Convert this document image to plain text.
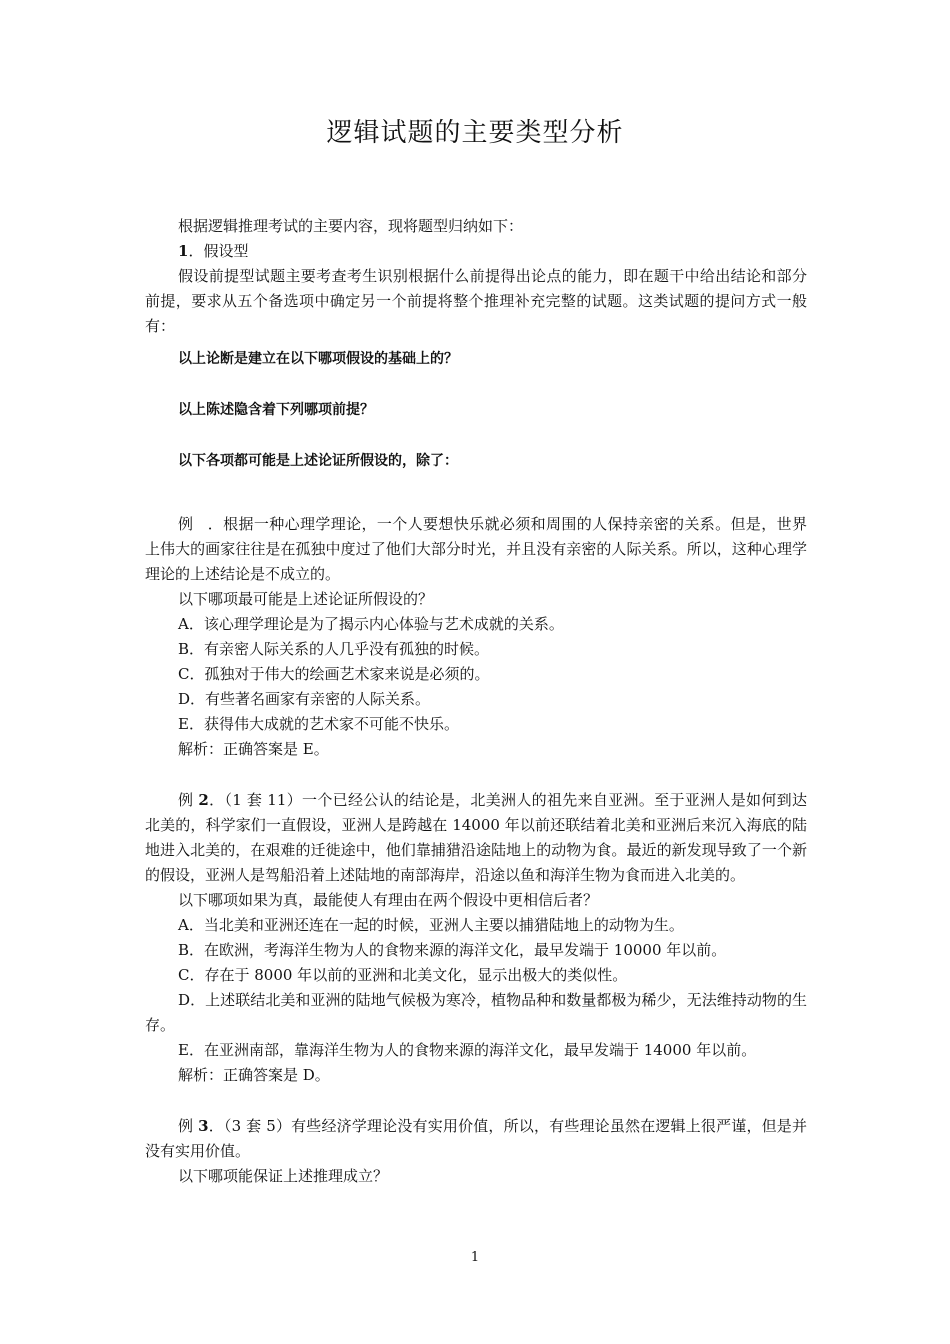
逻辑试题的主要类型分析

根据逻辑推理考试的主要内容，现将题型归纳如下：

1．假设型

假设前提型试题主要考查考生识别根据什么前提得出论点的能力，即在题干中给出结论和部分前提，要求从五个备选项中确定另一个前提将整个推理补充完整的试题。这类试题的提问方式一般有：

以上论断是建立在以下哪项假设的基础上的？

以上陈述隐含着下列哪项前提？

以下各项都可能是上述论证所假设的，除了：

例 ．根据一种心理学理论，一个人要想快乐就必须和周围的人保持亲密的关系。但是，世界上伟大的画家往往是在孤独中度过了他们大部分时光，并且没有亲密的人际关系。所以，这种心理学理论的上述结论是不成立的。

以下哪项最可能是上述论证所假设的？

A．该心理学理论是为了揭示内心体验与艺术成就的关系。

B．有亲密人际关系的人几乎没有孤独的时候。

C．孤独对于伟大的绘画艺术家来说是必须的。

D．有些著名画家有亲密的人际关系。

E．获得伟大成就的艺术家不可能不快乐。

解析：正确答案是 E。

例 2．（1 套 11）一个已经公认的结论是，北美洲人的祖先来自亚洲。至于亚洲人是如何到达北美的，科学家们一直假设，亚洲人是跨越在 14000 年以前还联结着北美和亚洲后来沉入海底的陆地进入北美的，在艰难的迁徙途中，他们靠捕猎沿途陆地上的动物为食。最近的新发现导致了一个新的假设，亚洲人是驾船沿着上述陆地的南部海岸，沿途以鱼和海洋生物为食而进入北美的。

以下哪项如果为真，最能使人有理由在两个假设中更相信后者？

A．当北美和亚洲还连在一起的时候，亚洲人主要以捕猎陆地上的动物为生。

B．在欧洲，考海洋生物为人的食物来源的海洋文化，最早发端于 10000 年以前。

C．存在于 8000 年以前的亚洲和北美文化，显示出极大的类似性。

D．上述联结北美和亚洲的陆地气候极为寒冷，植物品种和数量都极为稀少，无法维持动物的生存。

E．在亚洲南部，靠海洋生物为人的食物来源的海洋文化，最早发端于 14000 年以前。

解析：正确答案是 D。

例 3．（3 套 5）有些经济学理论没有实用价值，所以，有些理论虽然在逻辑上很严谨，但是并没有实用价值。

以下哪项能保证上述推理成立？

1
